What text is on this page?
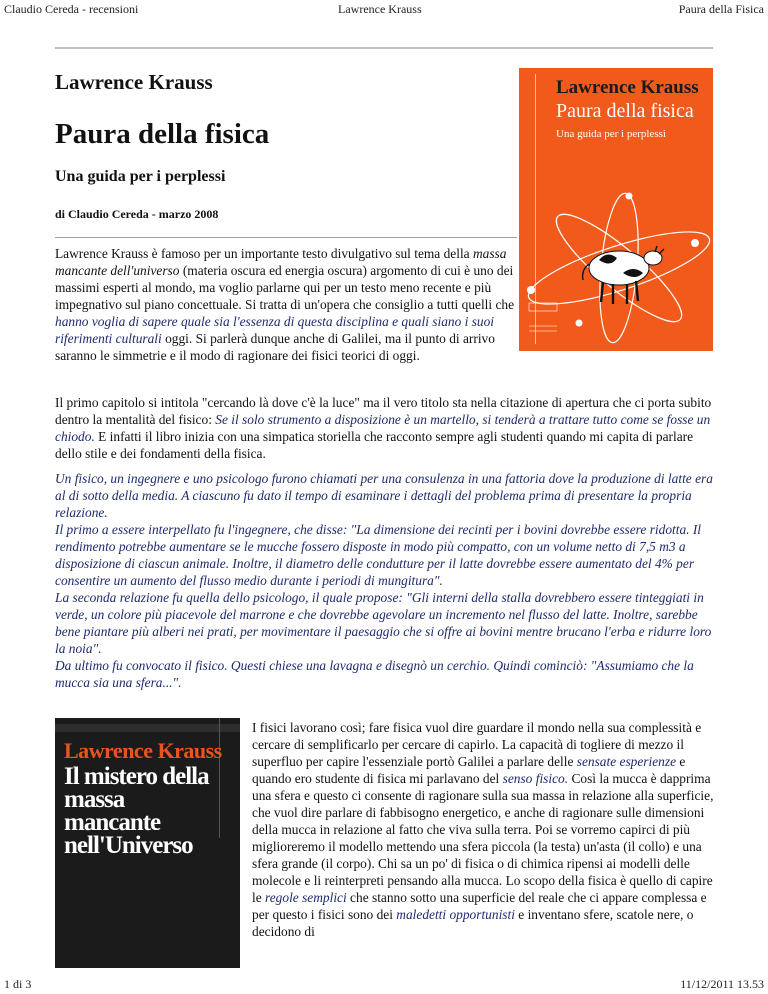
Claudio Cereda - recensioni	Lawrence Krauss	Paura della Fisica
Lawrence Krauss
Paura della fisica
Una guida per i perplessi

di Claudio Cereda - marzo 2008

Lawrence Krauss
Paura della fisica
Una guida per i perplessi

Lawrence Krauss è famoso per un importante testo divulgativo sul tema della massa mancante dell'universo (materia oscura ed energia oscura) argomento di cui è uno dei massimi esperti al mondo, ma voglio parlarne qui per un testo meno recente e più impegnativo sul piano concettuale. Si tratta di un'opera che consiglio a tutti quelli che hanno voglia di sapere quale sia l'essenza di questa disciplina e quali siano i suoi riferimenti culturali oggi. Si parlerà dunque anche di Galilei, ma il punto di arrivo saranno le simmetrie e il modo di ragionare dei fisici teorici di oggi.

Il primo capitolo si intitola "cercando là dove c'è la luce" ma il vero titolo sta nella citazione di apertura che ci porta subito dentro la mentalità del fisico: Se il solo strumento a disposizione è un martello, si tenderà a trattare tutto come se fosse un chiodo. E infatti il libro inizia con una simpatica storiella che racconto sempre agli studenti quando mi capita di parlare dello stile e dei fondamenti della fisica.

Un fisico, un ingegnere e uno psicologo furono chiamati per una consulenza in una fattoria dove la produzione di latte era al di sotto della media. A ciascuno fu dato il tempo di esaminare i dettagli del problema prima di presentare la propria relazione.
Il primo a essere interpellato fu l'ingegnere, che disse: "La dimensione dei recinti per i bovini dovrebbe essere ridotta. Il rendimento potrebbe aumentare se le mucche fossero disposte in modo più compatto, con un volume netto di 7,5 m3 a disposizione di ciascun animale. Inoltre, il diametro delle condutture per il latte dovrebbe essere aumentato del 4% per consentire un aumento del flusso medio durante i periodi di mungitura".
La seconda relazione fu quella dello psicologo, il quale propose: "Gli interni della stalla dovrebbero essere tinteggiati in verde, un colore più piacevole del marrone e che dovrebbe agevolare un incremento nel flusso del latte. Inoltre, sarebbe bene piantare più alberi nei prati, per movimentare il paesaggio che si offre ai bovini mentre brucano l'erba e ridurre loro la noia".
Da ultimo fu convocato il fisico. Questi chiese una lavagna e disegnò un cerchio. Quindi cominciò: "Assumiamo che la mucca sia una sfera...".
Lawrence Krauss
Il mistero della massa mancante nell'Universo

I fisici lavorano così; fare fisica vuol dire guardare il mondo nella sua complessità e cercare di semplificarlo per cercare di capirlo. La capacità di togliere di mezzo il superfluo per capire l'essenziale portò Galilei a parlare delle sensate esperienze e quando ero studente di fisica mi parlavano del senso fisico. Così la mucca è dapprima una sfera e questo ci consente di ragionare sulla sua massa in relazione alla superficie, che vuol dire parlare di fabbisogno energetico, e anche di ragionare sulle dimensioni della mucca in relazione al fatto che viva sulla terra. Poi se vorremo capirci di più miglioreremo il modello mettendo una sfera piccola (la testa) un'asta (il collo) e una sfera grande (il corpo). Chi sa un po' di fisica o di chimica ripensi ai modelli delle molecole e li reinterpreti pensando alla mucca. Lo scopo della fisica è quello di capire le regole semplici che stanno sotto una superficie del reale che ci appare complessa e per questo i fisici sono dei maledetti opportunisti e inventano sfere, scatole nere, o decidono di

1 di 3	11/12/2011 13.53
